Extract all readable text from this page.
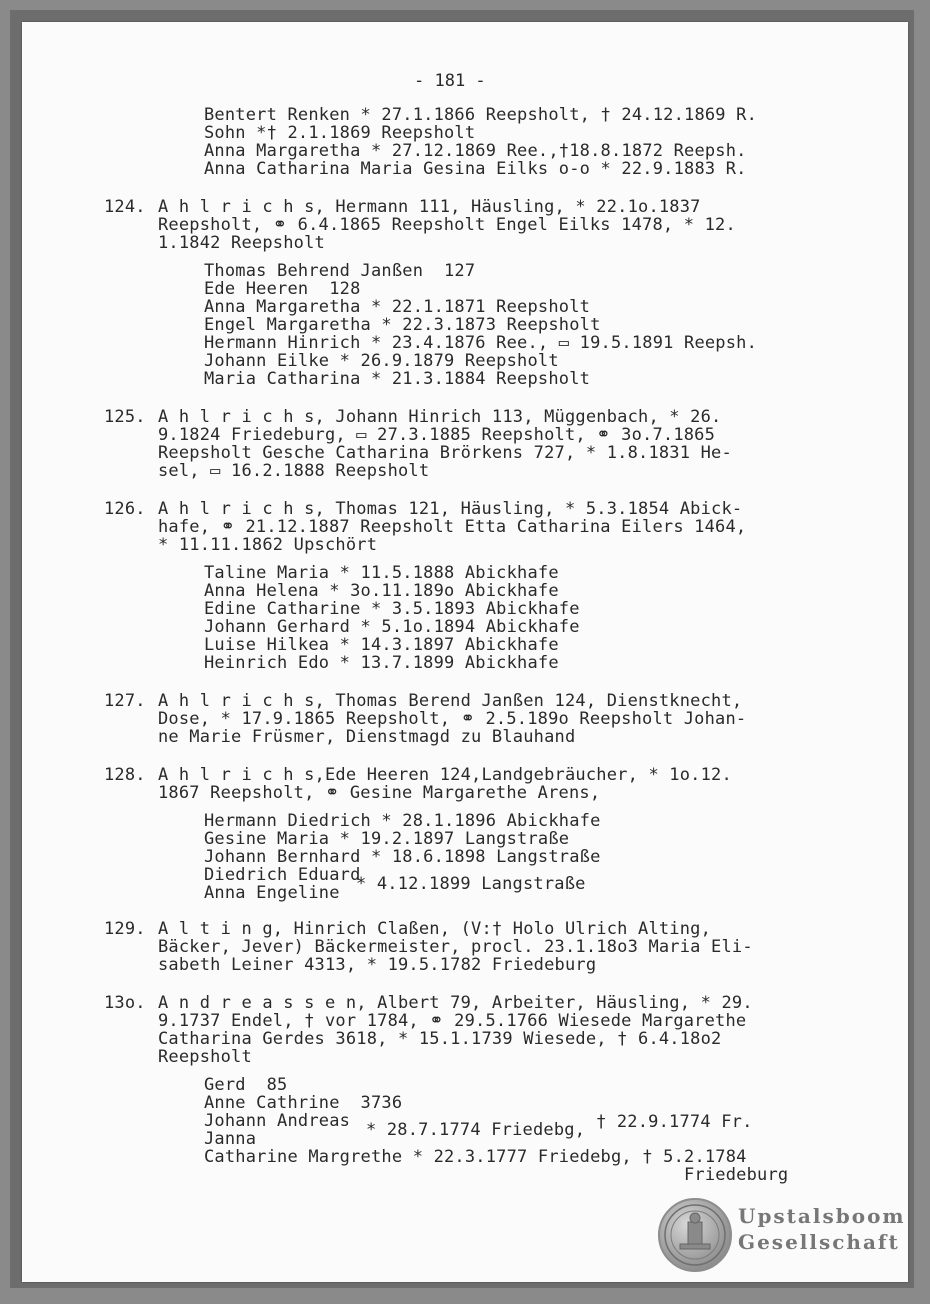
- 181 -
Bentert Renken * 27.1.1866 Reepsholt, † 24.12.1869 R.
Sohn *† 2.1.1869 Reepsholt
Anna Margaretha * 27.12.1869 Ree.,†18.8.1872 Reepsh.
Anna Catharina Maria Gesina Eilks o-o * 22.9.1883 R.
124. A h l r i c h s, Hermann 111, Häusling, * 22.1o.1837
Reepsholt, ⚭ 6.4.1865 Reepsholt Engel Eilks 1478, * 12.
1.1842 Reepsholt
Thomas Behrend Janßen  127
Ede Heeren  128
Anna Margaretha * 22.1.1871 Reepsholt
Engel Margaretha * 22.3.1873 Reepsholt
Hermann Hinrich * 23.4.1876 Ree., ▭ 19.5.1891 Reepsh.
Johann Eilke * 26.9.1879 Reepsholt
Maria Catharina * 21.3.1884 Reepsholt
125. A h l r i c h s, Johann Hinrich 113, Müggenbach, * 26.
9.1824 Friedeburg, ▭ 27.3.1885 Reepsholt, ⚭ 3o.7.1865
Reepsholt Gesche Catharina Brörkens 727, * 1.8.1831 He-
sel, ▭ 16.2.1888 Reepsholt
126. A h l r i c h s, Thomas 121, Häusling, * 5.3.1854 Abick-
hafe, ⚭ 21.12.1887 Reepsholt Etta Catharina Eilers 1464,
* 11.11.1862 Upschört
Taline Maria * 11.5.1888 Abickhafe
Anna Helena * 3o.11.189o Abickhafe
Edine Catharine * 3.5.1893 Abickhafe
Johann Gerhard * 5.1o.1894 Abickhafe
Luise Hilkea * 14.3.1897 Abickhafe
Heinrich Edo * 13.7.1899 Abickhafe
127. A h l r i c h s, Thomas Berend Janßen 124, Dienstknecht,
Dose, * 17.9.1865 Reepsholt, ⚭ 2.5.189o Reepsholt Johan-
ne Marie Früsmer, Dienstmagd zu Blauhand
128. A h l r i c h s,Ede Heeren 124,Landgebräucher, * 1o.12.
1867 Reepsholt, ⚭ Gesine Margarethe Arens,
Hermann Diedrich * 28.1.1896 Abickhafe
Gesine Maria * 19.2.1897 Langstraße
Johann Bernhard * 18.6.1898 Langstraße
Diedrich Eduard
Anna Engeline * 4.12.1899 Langstraße
129. A l t i n g, Hinrich Claßen, (V:† Holo Ulrich Alting,
Bäcker, Jever) Bäckermeister, procl. 23.1.18o3 Maria Eli-
sabeth Leiner 4313, * 19.5.1782 Friedeburg
13o. A n d r e a s s e n, Albert 79, Arbeiter, Häusling, * 29.
9.1737 Endel, † vor 1784, ⚭ 29.5.1766 Wiesede Margarethe
Catharina Gerdes 3618, * 15.1.1739 Wiesede, † 6.4.18o2
Reepsholt
Gerd  85
Anne Cathrine  3736
Johann Andreas
Janna	* 28.7.1774 Friedebg, † 22.9.1774 Fr.
Catharine Margrethe * 22.3.1777 Friedebg, † 5.2.1784
Friedeburg
Upstalsboom
Gesellschaft
